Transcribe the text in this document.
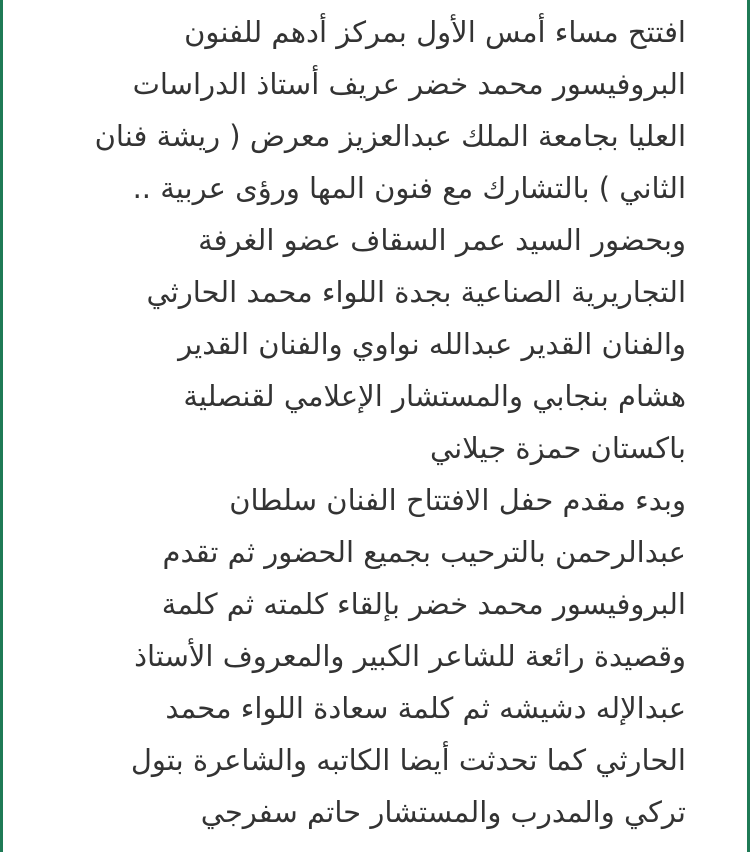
افتتح مساء أمس الأول بمركز أدهم للفنون
البروفيسور محمد خضر عريف أستاذ الدراسات
العليا بجامعة الملك عبدالعزيز معرض ( ريشة فنان
الثاني ) بالتشارك مع فنون المها ورؤى عربية ..
وبحضور السيد عمر السقاف عضو الغرفة
التجاريرية الصناعية بجدة اللواء محمد الحارثي
والفنان القدير عبدالله نواوي والفنان القدير
هشام بنجابي والمستشار الإعلامي لقنصلية
باكستان حمزة جيلاني
وبدء مقدم حفل الافتتاح الفنان سلطان
عبدالرحمن بالترحيب بجميع الحضور ثم تقدم
البروفيسور محمد خضر بإلقاء كلمته ثم كلمة
وقصيدة رائعة للشاعر الكبير والمعروف الأستاذ
عبدالإله دشيشه ثم كلمة سعادة اللواء محمد
الحارثي كما تحدثت أيضا الكاتبه والشاعرة بتول
تركي والمدرب والمستشار حاتم سفرجي
